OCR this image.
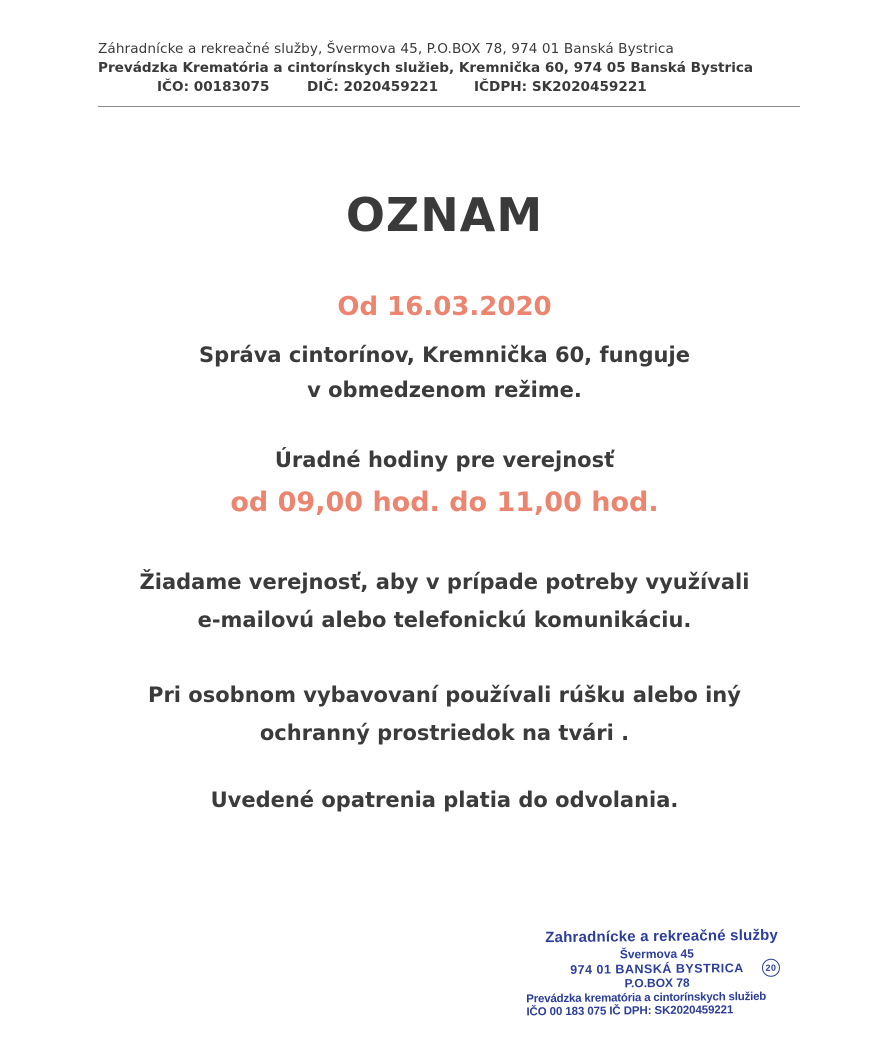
Záhradnícke a rekreačné služby, Švermova 45, P.O.BOX 78, 974 01 Banská Bystrica
Prevádzka Krematória a cintorínskych služieb, Kremnička 60, 974 05 Banská Bystrica
IČO: 00183075	DIČ: 2020459221	IČDPH: SK2020459221
OZNAM
Od 16.03.2020
Správa cintorínov, Kremnička 60, funguje
v obmedzenom režime.
Úradné hodiny pre verejnosť
od 09,00 hod. do 11,00 hod.
Žiadame verejnosť, aby v prípade potreby využívali
e-mailovú alebo telefonickú komunikáciu.
Pri osobnom vybavovaní používali rúšku alebo iný
ochranný prostriedok na tvári .
Uvedené opatrenia platia do odvolania.
Zahradnícke a rekreačné služby
Švermova 45
974 01 BANSKÁ BYSTRICA	20
P.O.BOX 78
Prevádzka krematória a cintorínskych služieb
IČO 00 183 075 IČ DPH: SK2020459221
